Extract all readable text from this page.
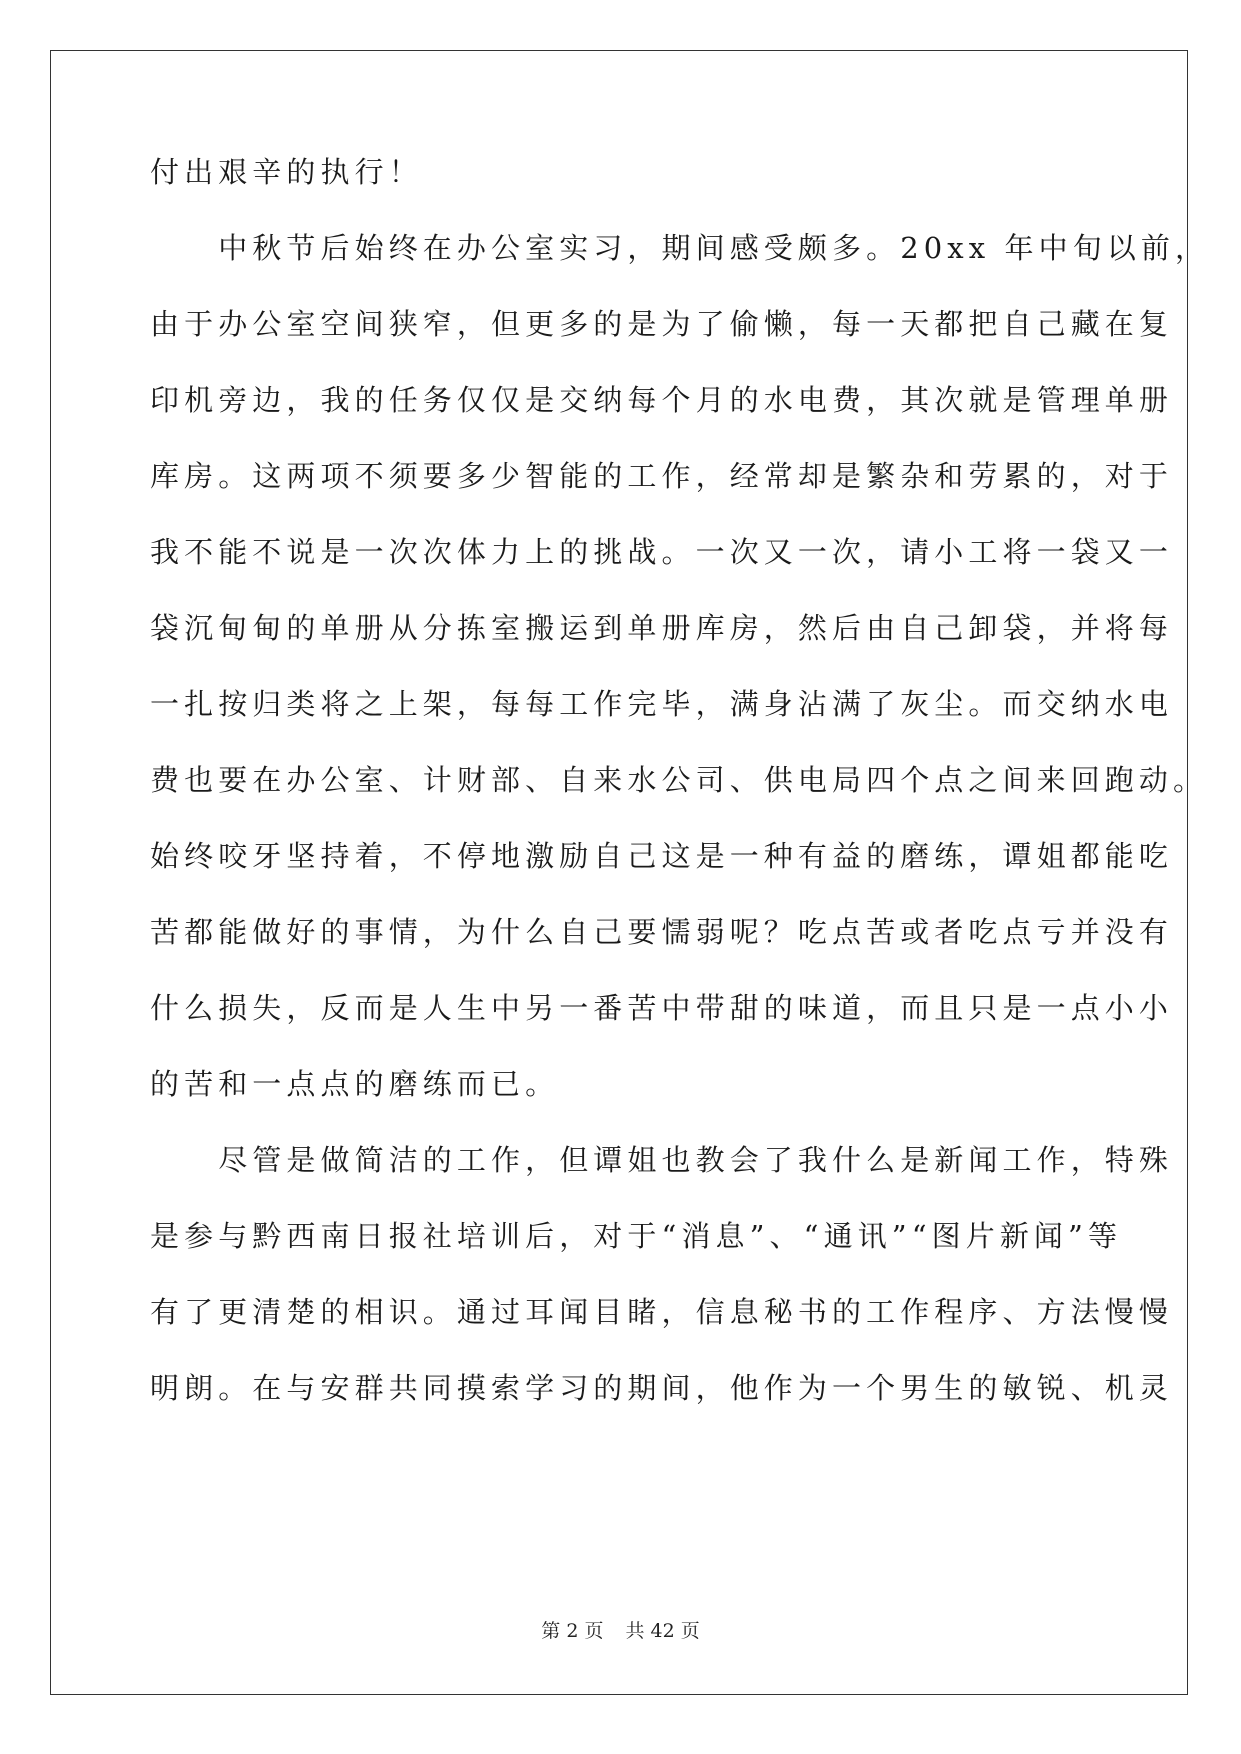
付出艰辛的执行！
　　中秋节后始终在办公室实习，期间感受颇多。20xx 年中旬以前，
由于办公室空间狭窄，但更多的是为了偷懒，每一天都把自己藏在复
印机旁边，我的任务仅仅是交纳每个月的水电费，其次就是管理单册
库房。这两项不须要多少智能的工作，经常却是繁杂和劳累的，对于
我不能不说是一次次体力上的挑战。一次又一次，请小工将一袋又一
袋沉甸甸的单册从分拣室搬运到单册库房，然后由自己卸袋，并将每
一扎按归类将之上架，每每工作完毕，满身沾满了灰尘。而交纳水电
费也要在办公室、计财部、自来水公司、供电局四个点之间来回跑动。
始终咬牙坚持着，不停地激励自己这是一种有益的磨练，谭姐都能吃
苦都能做好的事情，为什么自己要懦弱呢？吃点苦或者吃点亏并没有
什么损失，反而是人生中另一番苦中带甜的味道，而且只是一点小小
的苦和一点点的磨练而已。
　　尽管是做简洁的工作，但谭姐也教会了我什么是新闻工作，特殊
是参与黔西南日报社培训后，对于“消息”、“通讯”“图片新闻”等
有了更清楚的相识。通过耳闻目睹，信息秘书的工作程序、方法慢慢
明朗。在与安群共同摸索学习的期间，他作为一个男生的敏锐、机灵
第 2 页 共 42 页
